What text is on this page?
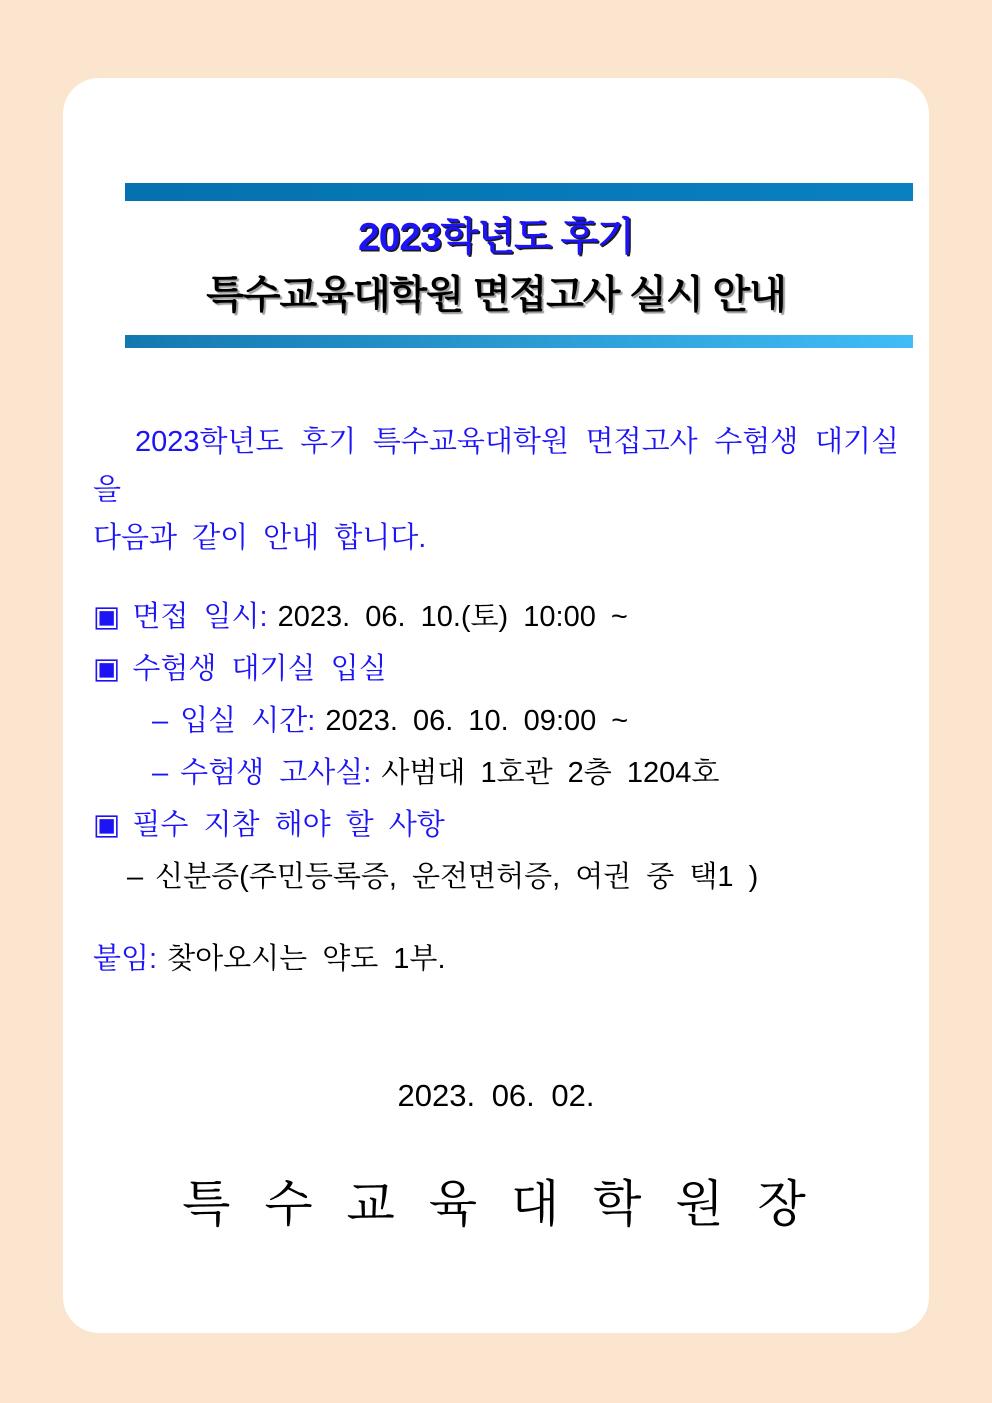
2023학년도 후기
특수교육대학원 면접고사 실시 안내

2023학년도 후기 특수교육대학원 면접고사 수험생 대기실을
다음과 같이 안내 합니다.

▣ 면접 일시: 2023. 06. 10.(토) 10:00 ~
▣ 수험생 대기실 입실
– 입실 시간: 2023. 06. 10. 09:00 ~
– 수험생 고사실: 사범대 1호관 2층 1204호
▣ 필수 지참 해야 할 사항
– 신분증(주민등록증, 운전면허증, 여권 중 택1 )

붙임: 찾아오시는 약도 1부.

2023. 06. 02.
특 수 교 육 대 학 원 장
